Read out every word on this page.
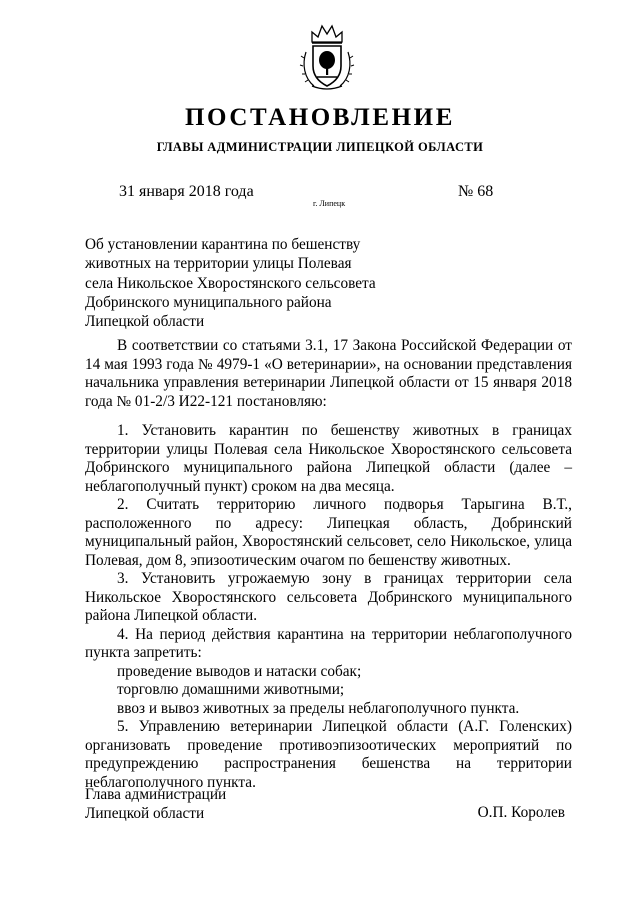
ПОСТАНОВЛЕНИЕ
ГЛАВЫ АДМИНИСТРАЦИИ ЛИПЕЦКОЙ ОБЛАСТИ
31 января 2018 года
г. Липецк
№ 68
Об установлении карантина по бешенству
животных на территории улицы Полевая
села Никольское Хворостянского сельсовета
Добринского муниципального района
Липецкой области

В соответствии со статьями 3.1, 17 Закона Российской Федерации от 14 мая 1993 года № 4979-1 «О ветеринарии», на основании представления начальника управления ветеринарии Липецкой области от 15 января 2018 года № 01-2/3 И22-121 постановляю:

1. Установить карантин по бешенству животных в границах территории улицы Полевая села Никольское Хворостянского сельсовета Добринского муниципального района Липецкой области (далее – неблагополучный пункт) сроком на два месяца.

2. Считать территорию личного подворья Тарыгина В.Т., расположенного по адресу: Липецкая область, Добринский муниципальный район, Хворостянский сельсовет, село Никольское, улица Полевая, дом 8, эпизоотическим очагом по бешенству животных.

3. Установить угрожаемую зону в границах территории села Никольское Хворостянского сельсовета Добринского муниципального района Липецкой области.

4. На период действия карантина на территории неблагополучного пункта запретить:

проведение выводов и натаски собак;

торговлю домашними животными;

ввоз и вывоз животных за пределы неблагополучного пункта.

5. Управлению ветеринарии Липецкой области (А.Г. Голенских) организовать проведение противоэпизоотических мероприятий по предупреждению распространения бешенства на территории неблагополучного пункта.

Глава администрации
Липецкой области	О.П. Королев
